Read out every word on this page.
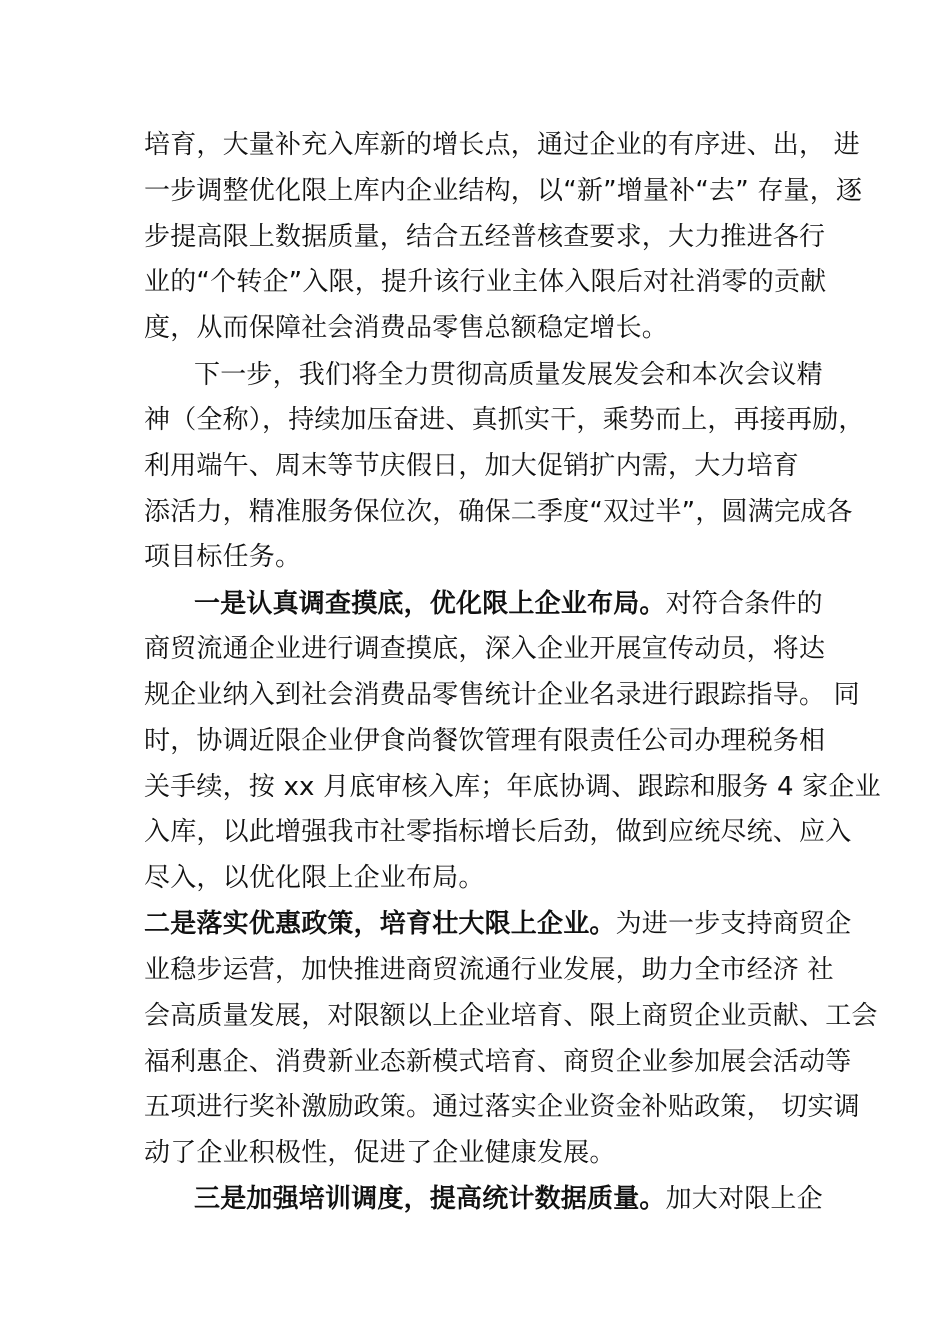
培育，大量补充入库新的增长点，通过企业的有序进、出， 进
一步调整优化限上库内企业结构，以“新”增量补“去” 存量，逐
步提高限上数据质量，结合五经普核查要求，大力推进各行
业的“个转企”入限，提升该行业主体入限后对社消零的贡献
度，从而保障社会消费品零售总额稳定增长。
下一步，我们将全力贯彻高质量发展发会和本次会议精
神（全称），持续加压奋进、真抓实干，乘势而上，再接再励，
利用端午、周末等节庆假日，加大促销扩内需，大力培育
添活力，精准服务保位次，确保二季度“双过半”，圆满完成各
项目标任务。
一是认真调查摸底，优化限上企业布局。对符合条件的
商贸流通企业进行调查摸底，深入企业开展宣传动员，将达
规企业纳入到社会消费品零售统计企业名录进行跟踪指导。 同
时，协调近限企业伊食尚餐饮管理有限责任公司办理税务相
关手续，按 xx 月底审核入库；年底协调、跟踪和服务 4 家企业
入库，以此增强我市社零指标增长后劲，做到应统尽统、应入
尽入，以优化限上企业布局。
二是落实优惠政策，培育壮大限上企业。为进一步支持商贸企
业稳步运营，加快推进商贸流通行业发展，助力全市经济 社
会高质量发展，对限额以上企业培育、限上商贸企业贡献、工会
福利惠企、消费新业态新模式培育、商贸企业参加展会活动等
五项进行奖补激励政策。通过落实企业资金补贴政策， 切实调
动了企业积极性，促进了企业健康发展。
三是加强培训调度，提高统计数据质量。加大对限上企
